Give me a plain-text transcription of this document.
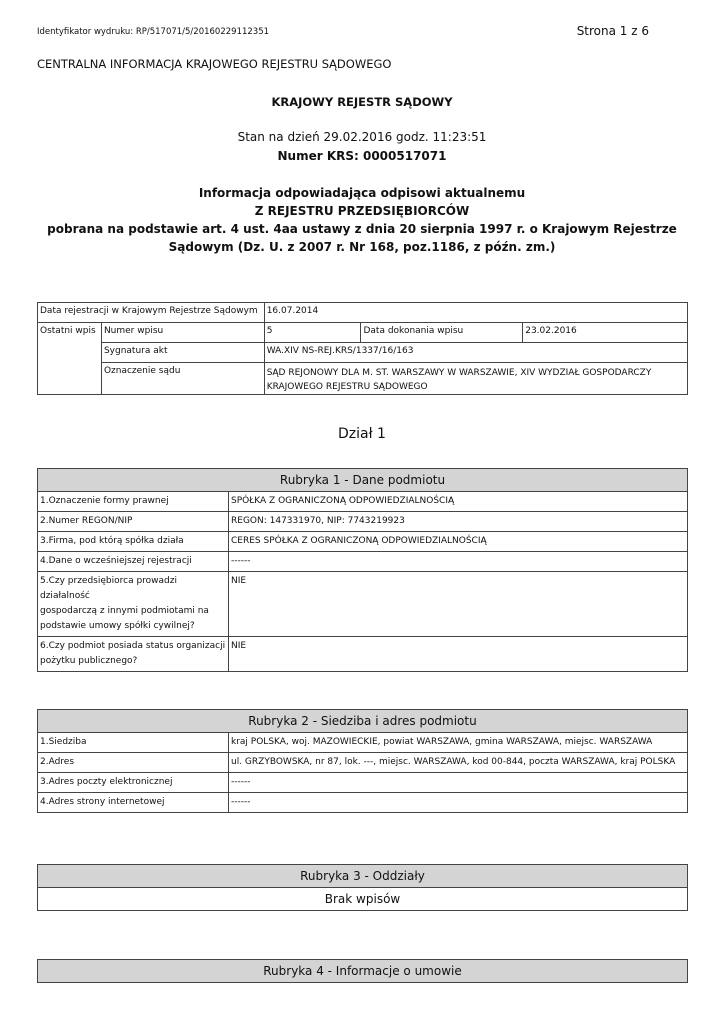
Identyfikator wydruku: RP/517071/5/20160229112351	Strona 1 z 6
CENTRALNA INFORMACJA KRAJOWEGO REJESTRU SĄDOWEGO
KRAJOWY REJESTR SĄDOWY
Stan na dzień 29.02.2016 godz. 11:23:51
Numer KRS: 0000517071
Informacja odpowiadająca odpisowi aktualnemu
Z REJESTRU PRZEDSIĘBIORCÓW
pobrana na podstawie art. 4 ust. 4aa ustawy z dnia 20 sierpnia 1997 r. o Krajowym Rejestrze
Sądowym (Dz. U. z 2007 r. Nr 168, poz.1186, z późn. zm.)
Data rejestracji w Krajowym Rejestrze Sądowym		16.07.2014		
Ostatni wpis	Numer wpisu	5	Data dokonania wpisu	23.02.2016
	Sygnatura akt	WA.XIV NS-REJ.KRS/1337/16/163		
	Oznaczenie sądu	SĄD REJONOWY DLA M. ST. WARSZAWY W WARSZAWIE, XIV WYDZIAŁ GOSPODARCZY
KRAJOWEGO REJESTRU SĄDOWEGO		
Dział 1
Rubryka 1 - Dane podmiotu	
1.Oznaczenie formy prawnej	SPÓŁKA Z OGRANICZONĄ ODPOWIEDZIALNOŚCIĄ
2.Numer REGON/NIP	REGON: 147331970, NIP: 7743219923
3.Firma, pod którą spółka działa	CERES SPÓŁKA Z OGRANICZONĄ ODPOWIEDZIALNOŚCIĄ
4.Dane o wcześniejszej rejestracji	------

5.Czy przedsiębiorca prowadzi działalność
gospodarczą z innymi podmiotami na
podstawie umowy spółki cywilnej?	NIE

6.Czy podmiot posiada status organizacji
pożytku publicznego?	NIE
Rubryka 2 - Siedziba i adres podmiotu	
1.Siedziba	kraj POLSKA, woj. MAZOWIECKIE, powiat WARSZAWA, gmina WARSZAWA, miejsc. WARSZAWA
2.Adres	ul. GRZYBOWSKA, nr 87, lok. ---, miejsc. WARSZAWA, kod 00-844, poczta WARSZAWA, kraj POLSKA
3.Adres poczty elektronicznej	------
4.Adres strony internetowej	------
Rubryka 3 - Oddziały
Brak wpisów
Rubryka 4 - Informacje o umowie
